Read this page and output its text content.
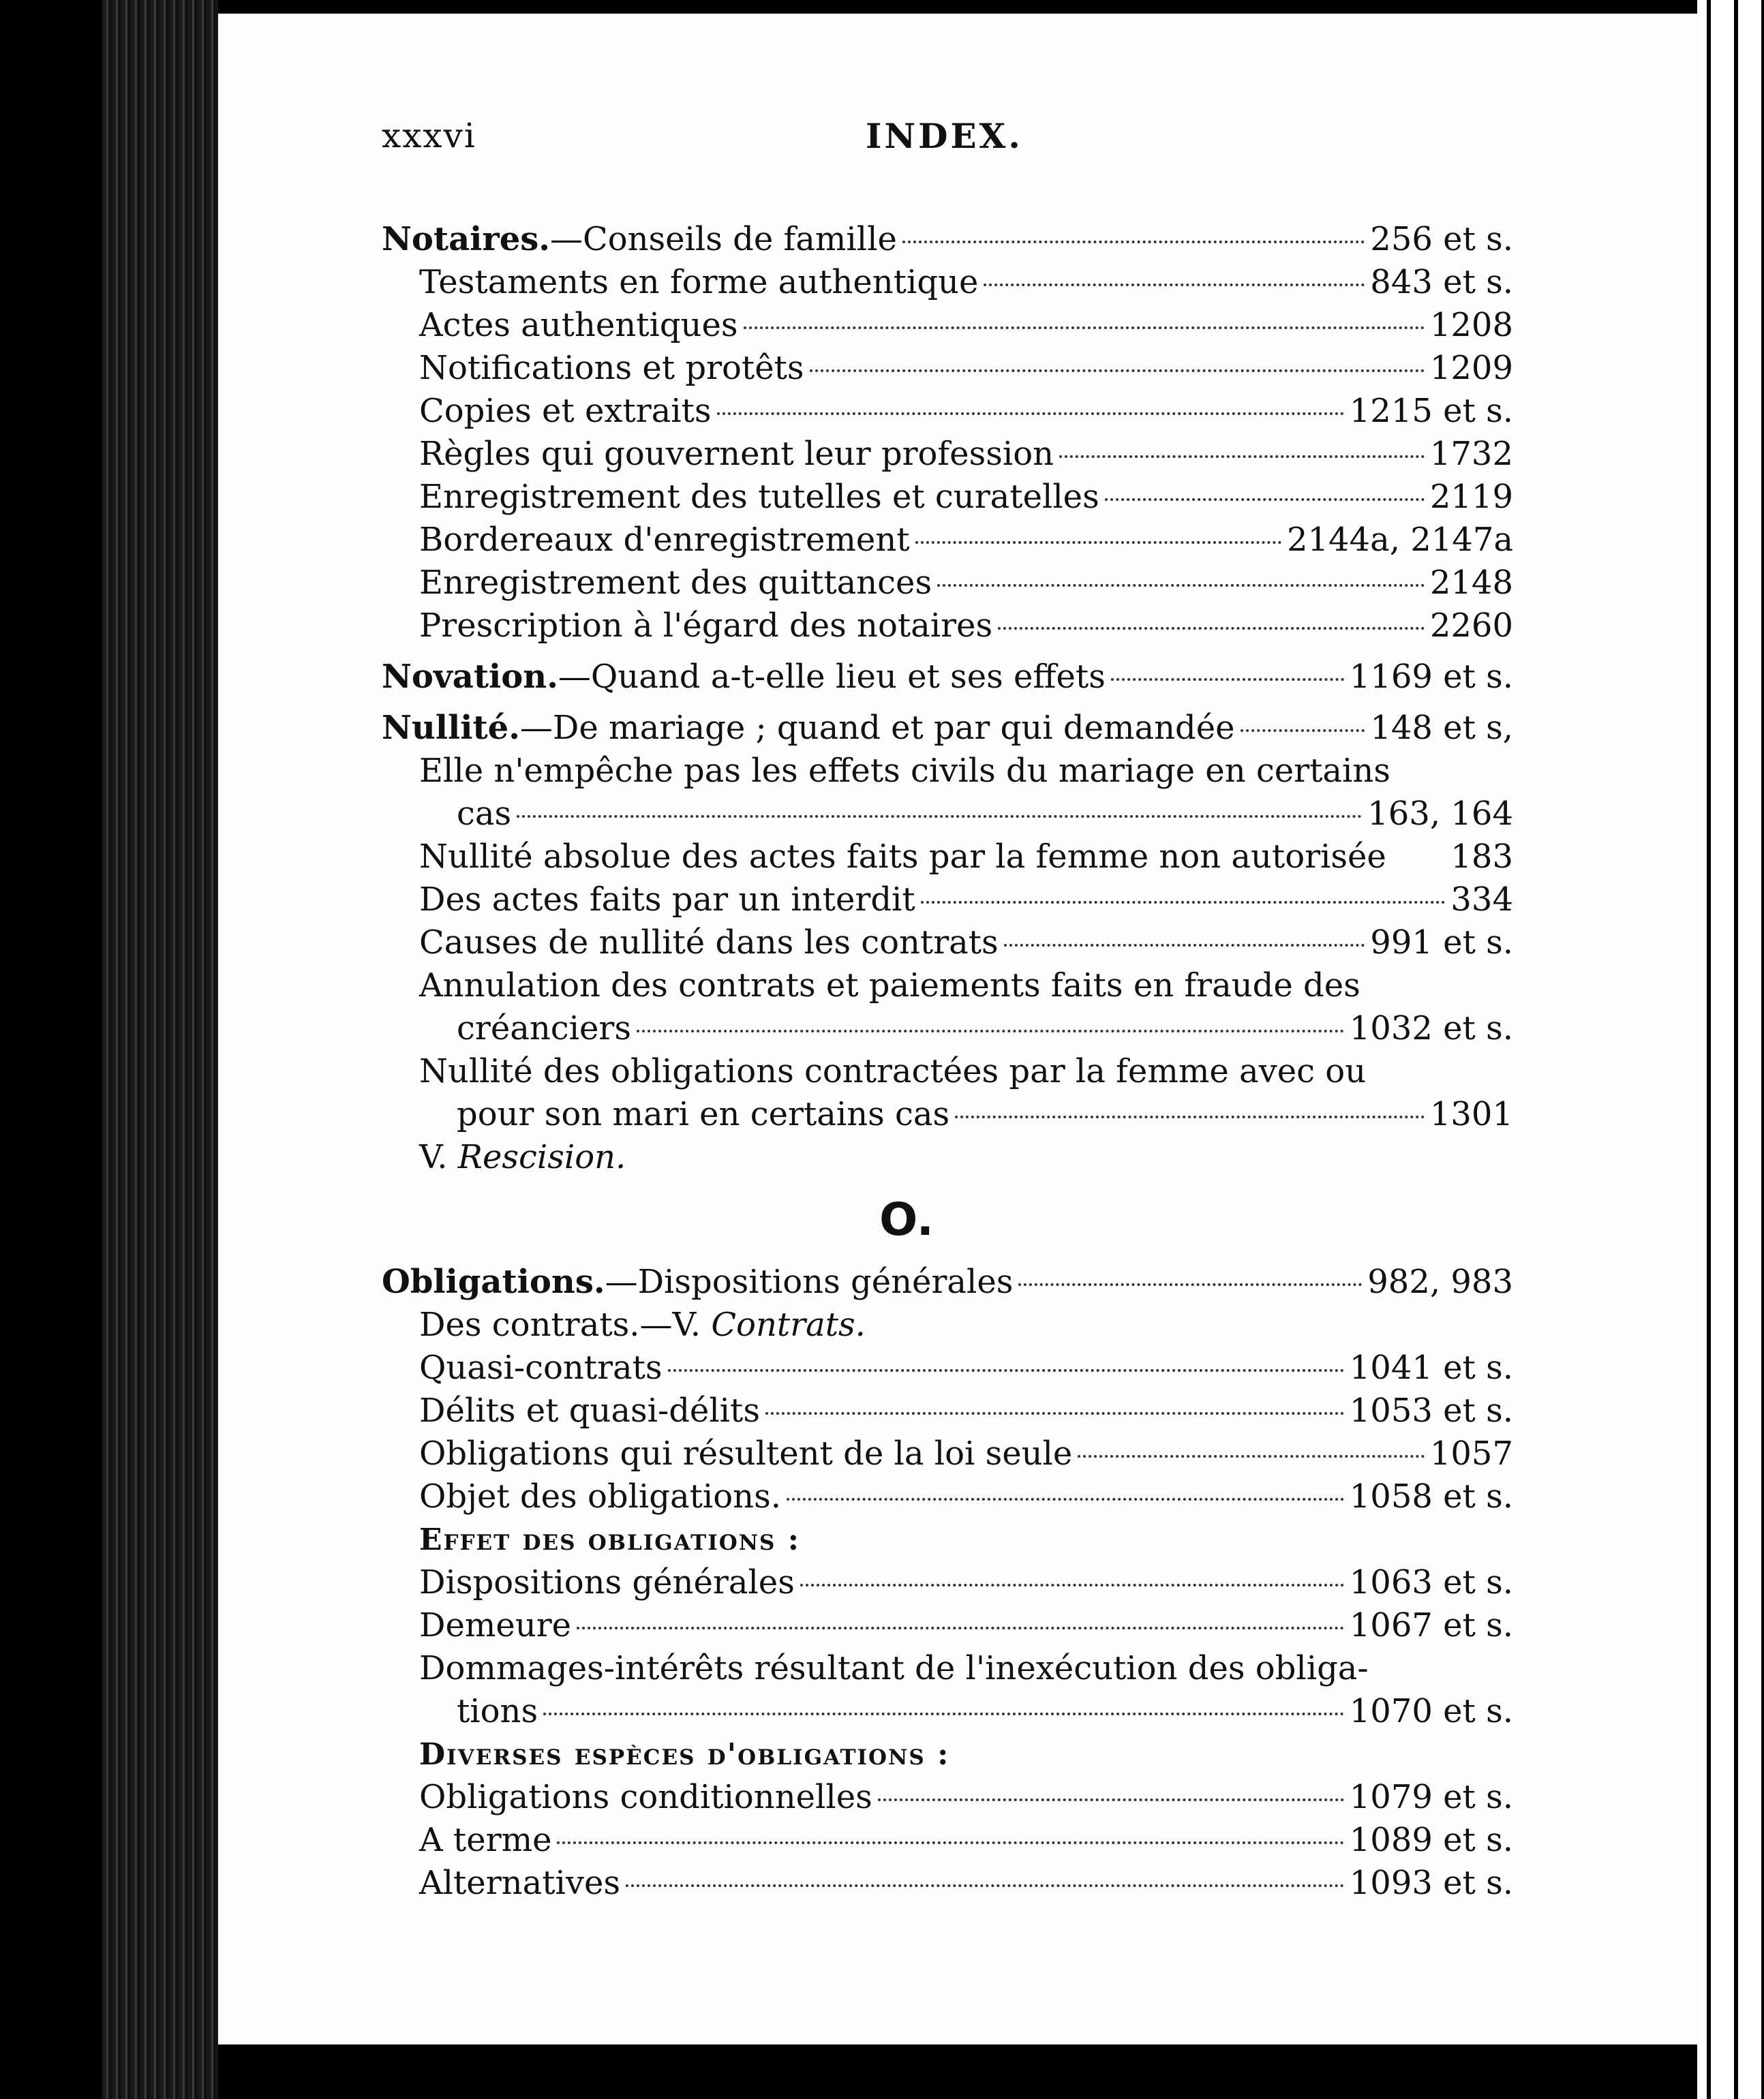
xxxvi	INDEX.
Notaires. —Conseils de famille	256 et s.
Testaments en forme authentique	843 et s.
Actes authentiques	1208
Notifications et protêts	1209
Copies et extraits	1215 et s.
Règles qui gouvernent leur profession	1732
Enregistrement des tutelles et curatelles	2119
Bordereaux d'enregistrement	2144a, 2147a
Enregistrement des quittances	2148
Prescription à l'égard des notaires	2260
Novation. —Quand a-t-elle lieu et ses effets	1169 et s.
Nullité. —De mariage ; quand et par qui demandée	148 et s,
Elle n'empêche pas les effets civils du mariage en certains
cas	163, 164
Nullité absolue des actes faits par la femme non autorisée 183
Des actes faits par un interdit	334
Causes de nullité dans les contrats	991 et s.
Annulation des contrats et paiements faits en fraude des
créanciers	1032 et s.
Nullité des obligations contractées par la femme avec ou
pour son mari en certains cas	1301
V.
Rescision.
O.
Obligations. —Dispositions générales	982, 983
Des contrats.—V.
Contrats.
Quasi-contrats	1041 et s.
Délits et quasi-délits	1053 et s.
Obligations qui résultent de la loi seule	1057
Objet des obligations.	1058 et s.
Effet des obligations :
Dispositions générales	1063 et s.
Demeure	1067 et s.
Dommages-intérêts résultant de l'inexécution des obliga-
tions	1070 et s.
Diverses espèces d'obligations :
Obligations conditionnelles	1079 et s.
A terme	1089 et s.
Alternatives	1093 et s.
